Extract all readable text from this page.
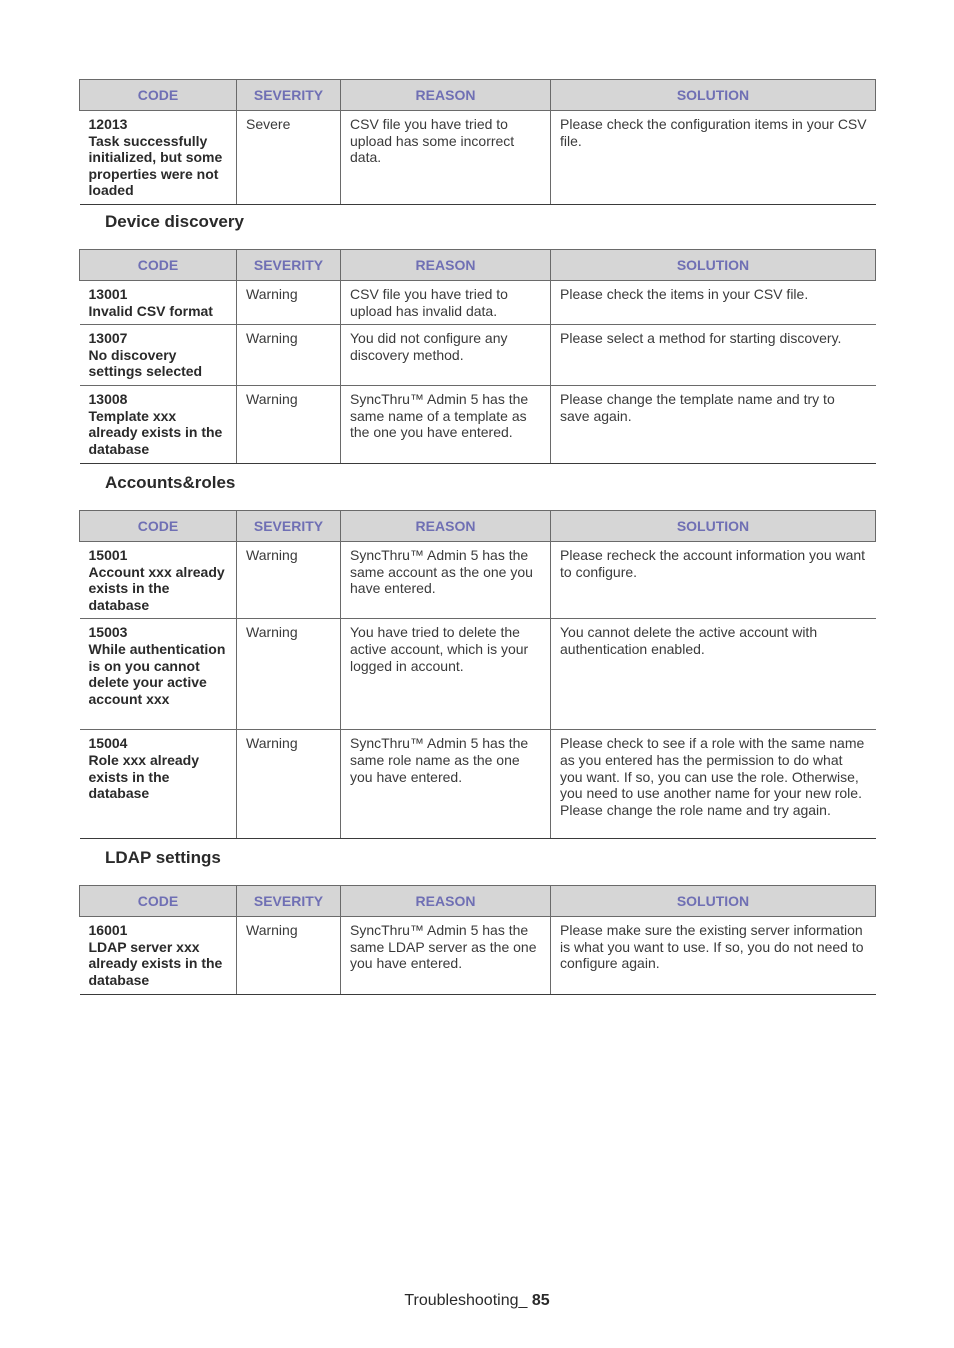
CODE	SEVERITY	REASON	SOLUTION

12013
Task successfully initialized, but some properties were not loaded	Severe	CSV file you have tried to upload has some incorrect data.	Please check the configuration items in your CSV file.
Device discovery
CODE	SEVERITY	REASON	SOLUTION

13001
Invalid CSV format	Warning	CSV file you have tried to upload has invalid data.	Please check the items in your CSV file.

13007
No discovery settings selected	Warning	You did not configure any discovery method.	Please select a method for starting discovery.

13008
Template xxx already exists in the database	Warning	SyncThru™ Admin 5 has the same name of a template as the one you have entered.	Please change the template name and try to save again.
Accounts&roles
CODE	SEVERITY	REASON	SOLUTION

15001
Account xxx already exists in the database	Warning	SyncThru™ Admin 5 has the same account as the one you have entered.	Please recheck the account information you want to configure.

15003
While authentication is on you cannot delete your active account xxx	Warning	You have tried to delete the active account, which is your logged in account.	You cannot delete the active account with authentication enabled.

15004
Role xxx already exists in the database	Warning	SyncThru™ Admin 5 has the same role name as the one you have entered.	Please check to see if a role with the same name as you entered has the permission to do what you want. If so, you can use the role. Otherwise, you need to use another name for your new role. Please change the role name and try again.
LDAP settings
CODE	SEVERITY	REASON	SOLUTION

16001
LDAP server xxx already exists in the database	Warning	SyncThru™ Admin 5 has the same LDAP server as the one you have entered.	Please make sure the existing server information is what you want to use. If so, you do not need to configure again.
Troubleshooting_ 85
